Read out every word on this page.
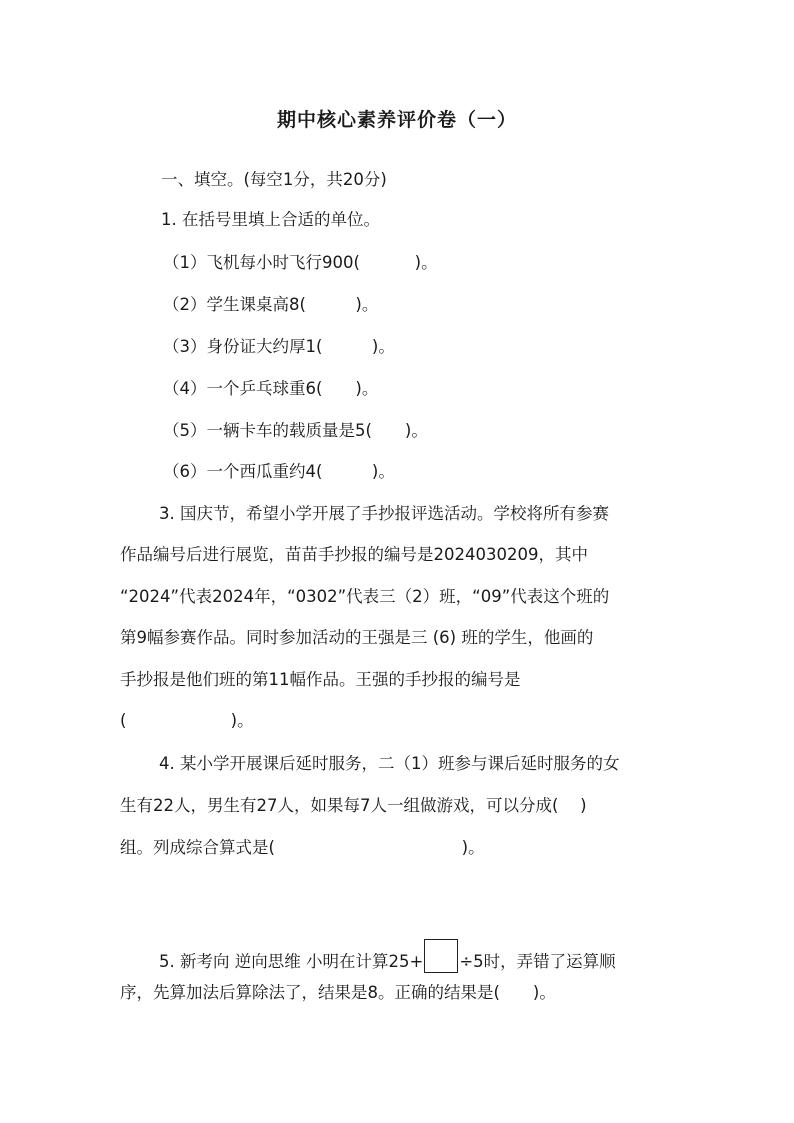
期中核心素养评价卷（一）
一、填空。(每空1分，共20分)
1. 在括号里填上合适的单位。
（1）飞机每小时飞行900(　　　 )。
（2）学生课桌高8(　　　)。
（3）身份证大约厚1(　　　)。
（4）一个乒乓球重6(　　)。
（5）一辆卡车的载质量是5(　　)。
（6）一个西瓜重约4(　　　)。
3. 国庆节，希望小学开展了手抄报评选活动。学校将所有参赛
作品编号后进行展览，苗苗手抄报的编号是2024030209，其中
“2024”代表2024年，“0302”代表三（2）班，“09”代表这个班的
第9幅参赛作品。同时参加活动的王强是三 (6) 班的学生，他画的
手抄报是他们班的第11幅作品。王强的手抄报的编号是
(　　　　　　 )。
4. 某小学开展课后延时服务，二（1）班参与课后延时服务的女
生有22人，男生有27人，如果每7人一组做游戏，可以分成(　 )
组。列成综合算式是(　　　　　　　　　　　 )。
5. 新考向 逆向思维 小明在计算25+ ÷5时，弄错了运算顺
序，先算加法后算除法了，结果是8。正确的结果是(　　)。
